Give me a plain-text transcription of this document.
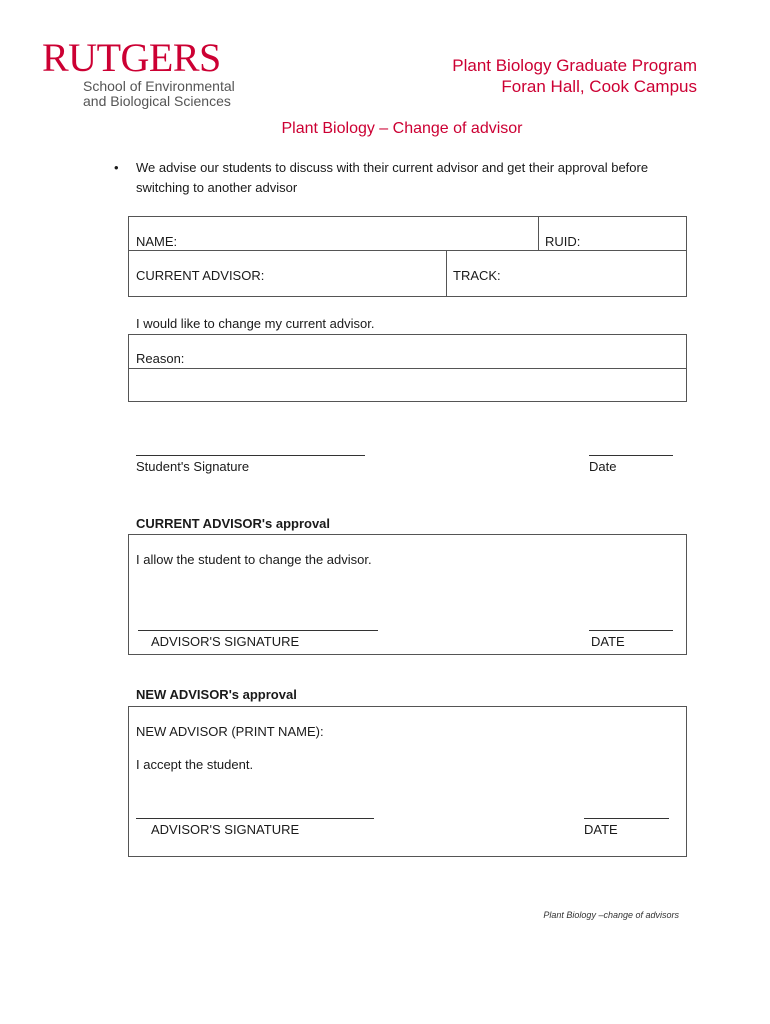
RUTGERS
School of Environmental
and Biological Sciences
Plant Biology Graduate Program
Foran Hall, Cook Campus
Plant Biology – Change of advisor
• We advise our students to discuss with their current advisor and get their approval before
switching to another advisor
NAME:	RUID:
CURRENT ADVISOR:	TRACK:
I would like to change my current advisor.
Reason:
Student's Signature	Date
CURRENT ADVISOR's approval
I allow the student to change the advisor.
ADVISOR'S SIGNATURE	DATE
NEW ADVISOR's approval
NEW ADVISOR (PRINT NAME):
I accept the student.
ADVISOR'S SIGNATURE	DATE
Plant Biology –change of advisors
